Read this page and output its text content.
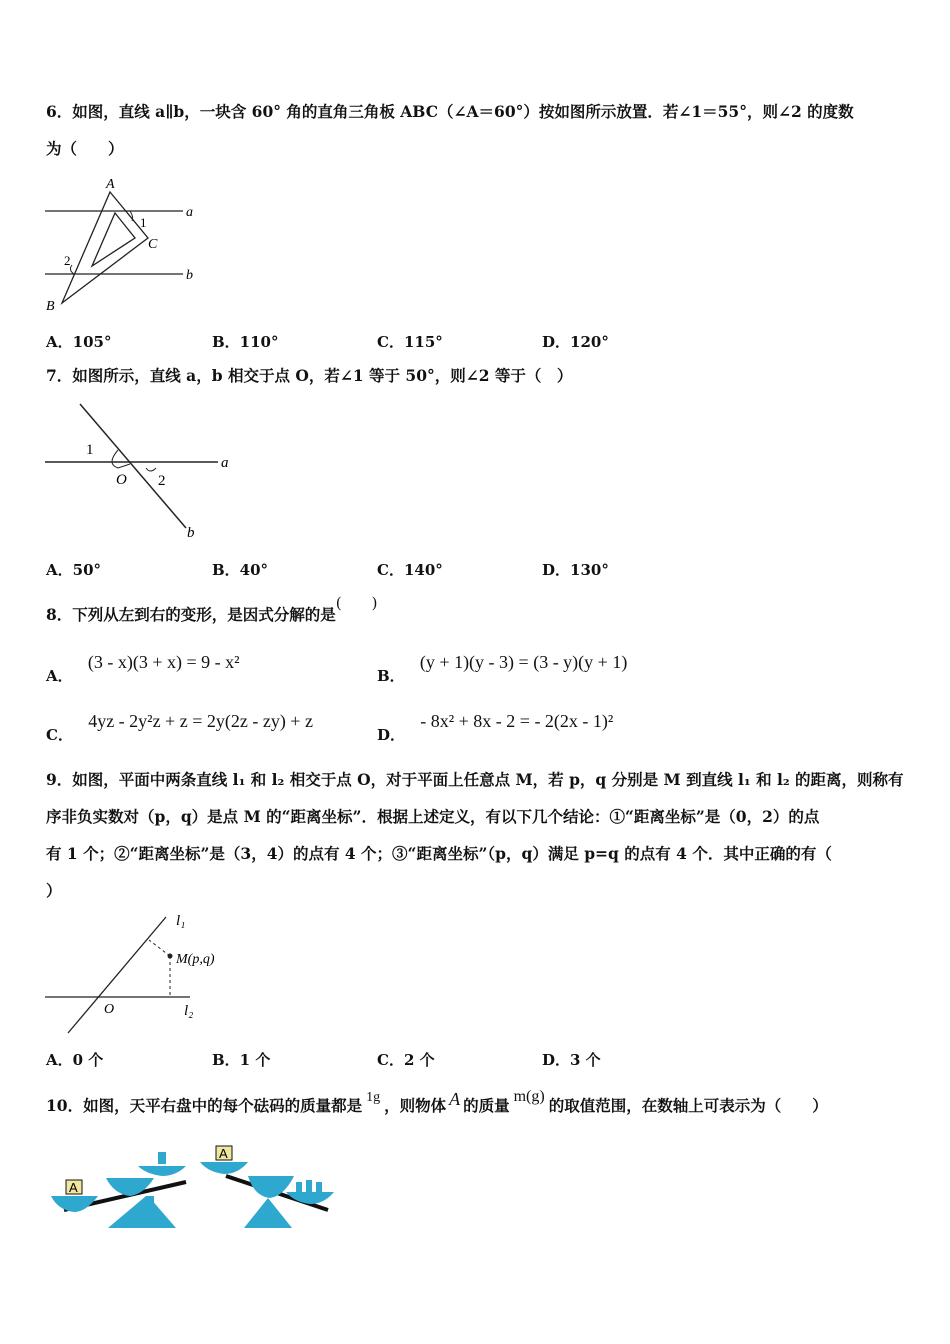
6．如图，直线 a∥b，一块含 60° 角的直角三角板 ABC（∠A＝60°）按如图所示放置．若∠1＝55°，则∠2 的度数
为（　　）
A
B
C
a
b
1
2
A．105°	B．110°	C．115°	D．120°
7．如图所示，直线 a，b 相交于点 O，若∠1 等于 50°，则∠2 等于（　）
1
2
O
a
b
A．50°	B．40°	C．140°	D．130°
8．下列从左到右的变形，是因式分解的是(　　)
A． (3 - x)(3 + x) = 9 - x²
B． (y + 1)(y - 3) = (3 - y)(y + 1)
C． 4yz - 2y²z + z = 2y(2z - zy) + z
D． - 8x² + 8x - 2 = - 2(2x - 1)²
9．如图，平面中两条直线 l₁ 和 l₂ 相交于点 O，对于平面上任意点 M，若 p，q 分别是 M 到直线 l₁ 和 l₂ 的距离，则称有
序非负实数对（p，q）是点 M 的“距离坐标”．根据上述定义，有以下几个结论：①“距离坐标”是（0，2）的点
有 1 个；②“距离坐标”是（3，4）的点有 4 个；③“距离坐标”（p，q）满足 p=q 的点有 4 个．其中正确的有（
）
M(p,q)
l₁
l₂
O
A．0 个	B．1 个	C．2 个	D．3 个
10．如图，天平右盘中的每个砝码的质量都是 1g ，则物体 A 的质量 m(g) 的取值范围，在数轴上可表示为（　　）
A
A
